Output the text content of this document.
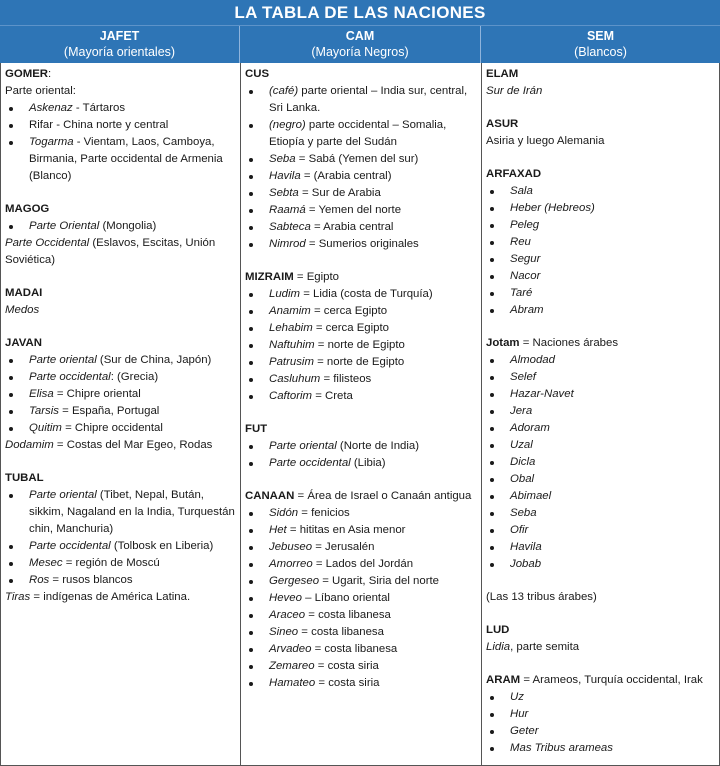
LA TABLA DE LAS NACIONES
JAFET
(Mayoría orientales)
CAM
(Mayoría Negros)
SEM
(Blancos)
GOMER:
Parte oriental:
Askenaz - Tártaros
Rifar - China norte y central
Togarma - Vientam, Laos, Camboya, Birmania, Parte occidental de Armenia (Blanco)
MAGOG
Parte Oriental (Mongolia)
Parte Occidental (Eslavos, Escitas, Unión Soviética)
MADAI
Medos
JAVAN
Parte oriental (Sur de China, Japón)
Parte occidental: (Grecia)
Elisa = Chipre oriental
Tarsis = España, Portugal
Quitim = Chipre occidental
Dodamim = Costas del Mar Egeo, Rodas
TUBAL
Parte oriental (Tibet, Nepal, Bután, sikkim, Nagaland en la India, Turquestán chin, Manchuria)
Parte occidental (Tolbosk en Liberia)
Mesec = región de Moscú
Ros = rusos blancos
Tiras = indígenas de América Latina.
CUS
(café) parte oriental – India sur, central, Sri Lanka.
(negro) parte occidental – Somalia, Etiopía y parte del Sudán
Seba = Sabá (Yemen del sur)
Havila = (Arabia central)
Sebta = Sur de Arabia
Raamá = Yemen del norte
Sabteca = Arabia central
Nimrod = Sumerios originales
MIZRAIM = Egipto
Ludim = Lidia (costa de Turquía)
Anamim = cerca Egipto
Lehabim = cerca Egipto
Naftuhim = norte de Egipto
Patrusim = norte de Egipto
Casluhum = filisteos
Caftorim = Creta
FUT
Parte oriental (Norte de India)
Parte occidental (Libia)
CANAAN = Área de Israel o Canaán antigua
Sidón = fenicios
Het = hititas en Asia menor
Jebuseo = Jerusalén
Amorreo = Lados del Jordán
Gergeseo = Ugarit, Siria del norte
Heveo – Líbano oriental
Araceo = costa libanesa
Sineo = costa libanesa
Arvadeo = costa libanesa
Zemareo = costa siria
Hamateo = costa siria
ELAM
Sur de Irán
ASUR
Asiria y luego Alemania
ARFAXAD
Sala
Heber (Hebreos)
Peleg
Reu
Segur
Nacor
Taré
Abram
Jotam = Naciones árabes
Almodad
Selef
Hazar-Navet
Jera
Adoram
Uzal
Dicla
Obal
Abimael
Seba
Ofir
Havila
Jobab
(Las 13 tribus árabes)
LUD
Lidia, parte semita
ARAM = Arameos, Turquía occidental, Irak
Uz
Hur
Geter
Mas Tribus arameas
